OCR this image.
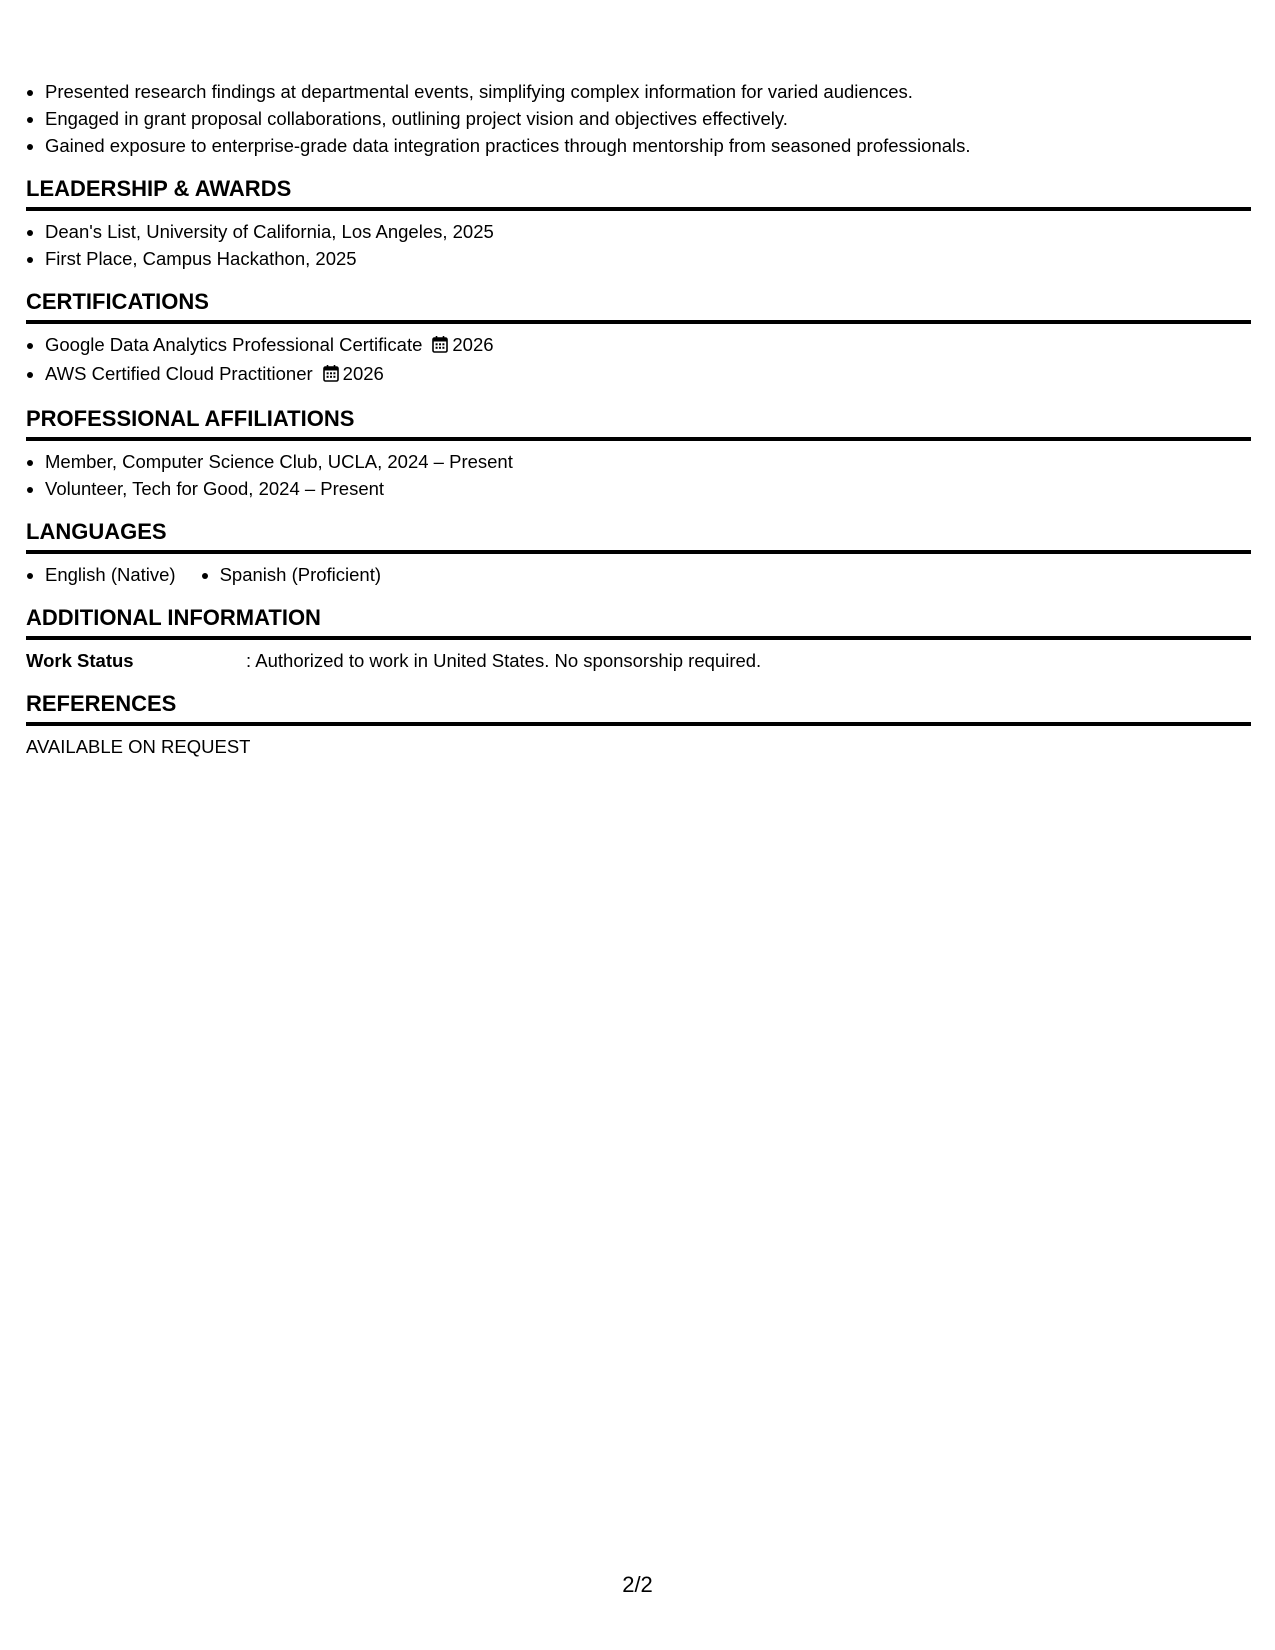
• Presented research findings at departmental events, simplifying complex information for varied audiences.
• Engaged in grant proposal collaborations, outlining project vision and objectives effectively.
• Gained exposure to enterprise-grade data integration practices through mentorship from seasoned professionals.
LEADERSHIP & AWARDS
• Dean's List, University of California, Los Angeles, 2025
• First Place, Campus Hackathon, 2025
CERTIFICATIONS
• Google Data Analytics Professional Certificate 2026
• AWS Certified Cloud Practitioner 2026
PROFESSIONAL AFFILIATIONS
• Member, Computer Science Club, UCLA, 2024 – Present
• Volunteer, Tech for Good, 2024 – Present
LANGUAGES
• English (Native)
• Spanish (Proficient)
ADDITIONAL INFORMATION
Work Status	: Authorized to work in United States. No sponsorship required.
REFERENCES
AVAILABLE ON REQUEST
2/2
